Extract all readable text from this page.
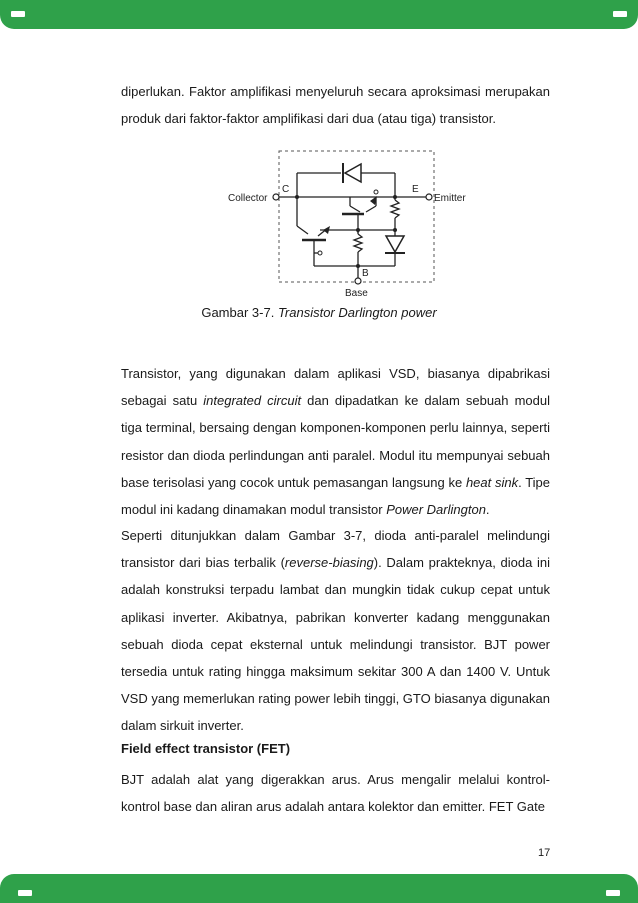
diperlukan. Faktor amplifikasi menyeluruh secara aproksimasi merupakan produk dari faktor-faktor amplifikasi dari dua (atau tiga) transistor.

Collector
C	E
Emitter
B
Base
Gambar 3-7. Transistor Darlington power

Transistor, yang digunakan dalam aplikasi VSD, biasanya dipabrikasi sebagai satu integrated circuit dan dipadatkan ke dalam sebuah modul tiga terminal, bersaing dengan komponen-komponen perlu lainnya, seperti resistor dan dioda perlindungan anti paralel. Modul itu mempunyai sebuah base terisolasi yang cocok untuk pemasangan langsung ke heat sink. Tipe modul ini kadang dinamakan modul transistor Power Darlington.

Seperti ditunjukkan dalam Gambar 3-7, dioda anti-paralel melindungi transistor dari bias terbalik (reverse-biasing). Dalam prakteknya, dioda ini adalah konstruksi terpadu lambat dan mungkin tidak cukup cepat untuk aplikasi inverter. Akibatnya, pabrikan konverter kadang menggunakan sebuah dioda cepat eksternal untuk melindungi transistor. BJT power tersedia untuk rating hingga maksimum sekitar 300 A dan 1400 V. Untuk VSD yang memerlukan rating power lebih tinggi, GTO biasanya digunakan dalam sirkuit inverter.

Field effect transistor (FET)

BJT adalah alat yang digerakkan arus. Arus mengalir melalui kontrol-kontrol base dan aliran arus adalah antara kolektor dan emitter. FET Gate

17
